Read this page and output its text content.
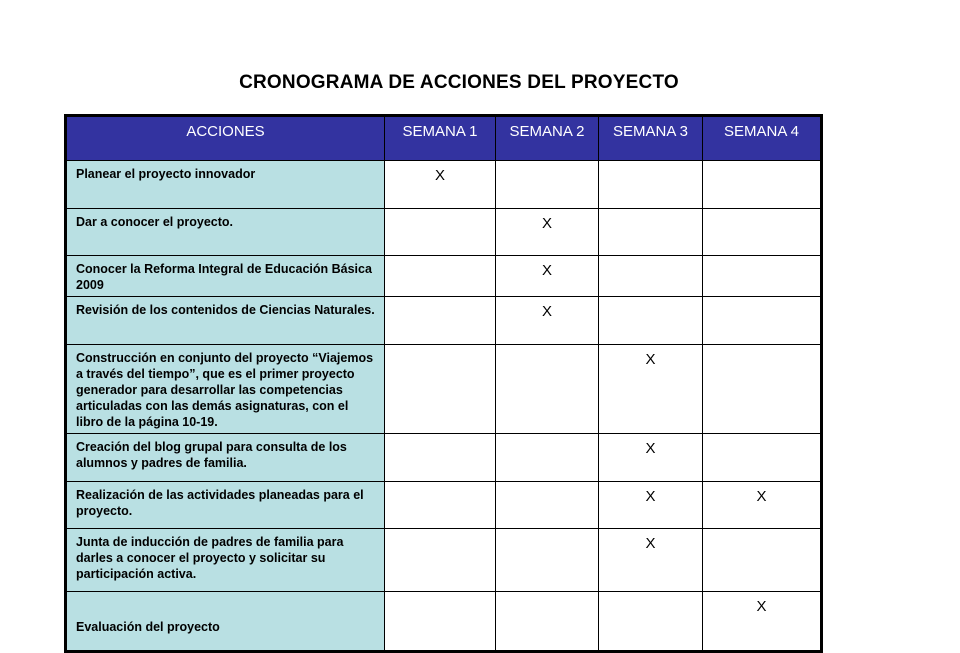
CRONOGRAMA DE ACCIONES DEL PROYECTO
ACCIONES	SEMANA 1	SEMANA 2	SEMANA 3	SEMANA 4
Planear el proyecto innovador	X			
Dar a conocer el proyecto.		X		
Conocer la Reforma Integral de Educación Básica 2009		X		
Revisión de los contenidos de Ciencias Naturales.		X		
Construcción en conjunto del proyecto “Viajemos a través del tiempo”, que es el primer proyecto generador para desarrollar las competencias articuladas con las demás asignaturas, con el libro de la página 10-19.			X	
Creación del blog grupal para consulta de los alumnos y padres de familia.			X	
Realización de las actividades planeadas para el proyecto.			X	X
Junta de inducción de padres de familia para darles a conocer el proyecto y solicitar su participación activa.			X	
Evaluación del proyecto				X
